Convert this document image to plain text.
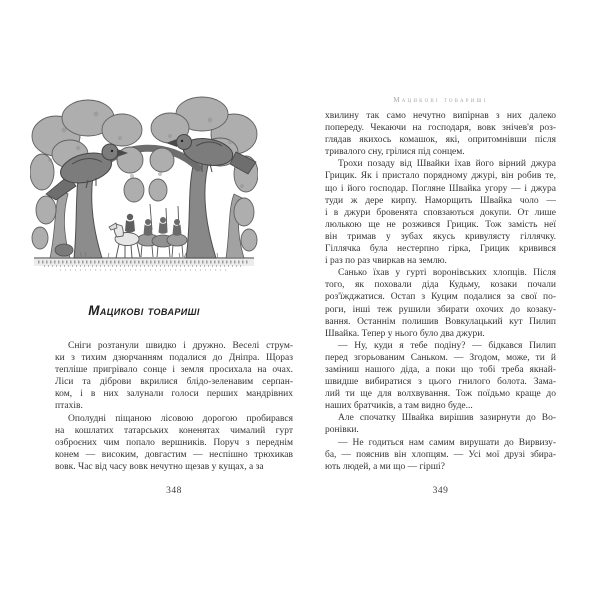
Мацикові товариші
Сніги розтанули швидко і дружно. Веселі струм-
ки з тихим дзюрчанням подалися до Дніпра. Щораз
тепліше пригрівало сонце і земля просихала на очах.
Ліси та діброви вкрилися блідо-зеленавим серпан-
ком, і в них залунали голоси перших мандрівних
птахів.
Ополудні піщаною лісовою дорогою пробирався
на кошлатих татарських коненятах чималий гурт
озброєних чим попало вершників. Поруч з переднім
конем — високим, довгастим — неспішно трюхикав
вовк. Час від часу вовк нечутно щезав у кущах, а за
348
Мацикові товариші
хвилину так само нечутно випірнав з них далеко
попереду. Чекаючи на господаря, вовк знічев'я роз-
глядав якихось комашок, які, опритомнівши після
тривалого сну, грілися під сонцем.
Трохи позаду від Швайки їхав його вірний джура
Грицик. Як і пристало порядному джурі, він робив те,
що і його господар. Погляне Швайка угору — і джура
туди ж дере кирпу. Наморщить Швайка чоло —
і в джури бровенята сповзаються докупи. От лише
люлькою ще не розжився Грицик. Тож замість неї
він тримав у зубах якусь кривулясту гіллячку.
Гіллячка була нестерпно гірка, Грицик кривився
і раз по раз чвиркав на землю.
Санько їхав у гурті воронівських хлопців. Після
того, як поховали діда Кудьму, козаки почали
роз'їжджатися. Остап з Куцим подалися за свої по-
роги, інші теж рушили збирати охочих до козаку-
вання. Останнім полишив Вовкулацький кут Пилип
Швайка. Тепер у нього було два джури.
— Ну, куди я тебе подіну? — бідкався Пилип
перед згорьованим Саньком. — Згодом, може, ти й
заміниш нашого діда, а поки що тобі треба якнай-
швидше вибиратися з цього гнилого болота. Зама-
лий ти ще для волхвування. Тож поїдьмо краще до
наших братчиків, а там видно буде...
Але спочатку Швайка вирішив зазирнути до Во-
ронівки.
— Не годиться нам самим вирушати до Вирвизу-
ба, — пояснив він хлопцям. — Усі мої друзі збира-
ють людей, а ми що — гірші?
349
